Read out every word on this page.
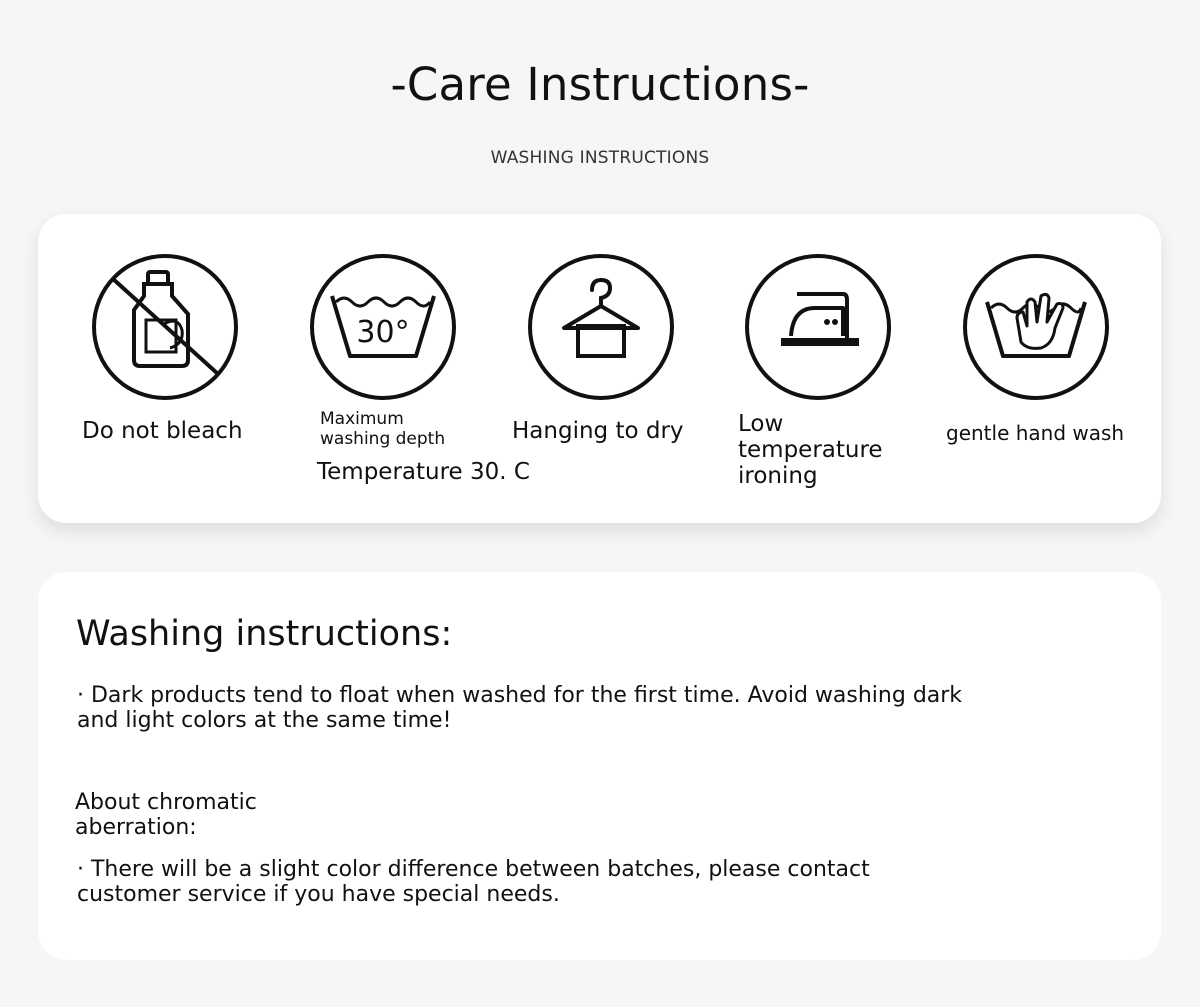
-Care Instructions-
WASHING INSTRUCTIONS
Do not bleach
30°
Maximum
washing depth
Temperature 30. C
Hanging to dry Low
temperature
ironing
gentle hand wash
Washing instructions:
· Dark products tend to float when washed for the first time. Avoid washing dark and light colors at the same time!
About chromatic aberration:
· There will be a slight color difference between batches, please contact customer service if you have special needs.
